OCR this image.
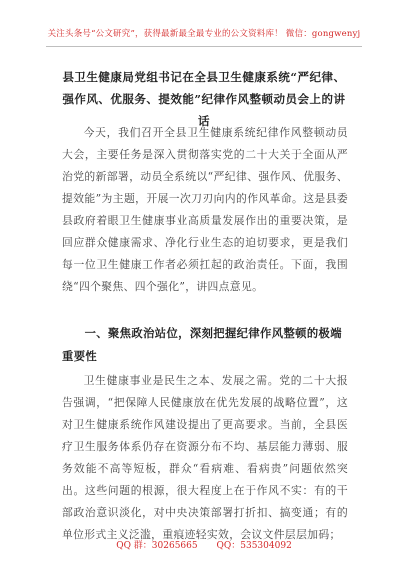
关注头条号“公文研究”，获得最新最全最专业的公文资料库！ 微信：gongwenyj
县卫生健康局党组书记在全县卫生健康系统“严纪律、强作风、优服务、提效能”纪律作风整顿动员会上的讲话

今天，我们召开全县卫生健康系统纪律作风整顿动员大会，主要任务是深入贯彻落实党的二十大关于全面从严治党的新部署，动员全系统以“严纪律、强作风、优服务、提效能”为主题，开展一次刀刃向内的作风革命。这是县委县政府着眼卫生健康事业高质量发展作出的重要决策，是回应群众健康需求、净化行业生态的迫切要求，更是我们每一位卫生健康工作者必须扛起的政治责任。下面，我围绕“四个聚焦、四个强化”，讲四点意见。

一、聚焦政治站位，深刻把握纪律作风整顿的极端重要性

卫生健康事业是民生之本、发展之需。党的二十大报告强调，“把保障人民健康放在优先发展的战略位置”，这对卫生健康系统作风建设提出了更高要求。当前，全县医疗卫生服务体系仍存在资源分布不均、基层能力薄弱、服务效能不高等短板，群众“看病难、看病贵”问题依然突出。这些问题的根源，很大程度上在于作风不实：有的干部政治意识淡化，对中央决策部署打折扣、搞变通；有的单位形式主义泛滥，重痕迹轻实效，会议文件层层加码；

QQ 群：30265665 QQ：535304092
